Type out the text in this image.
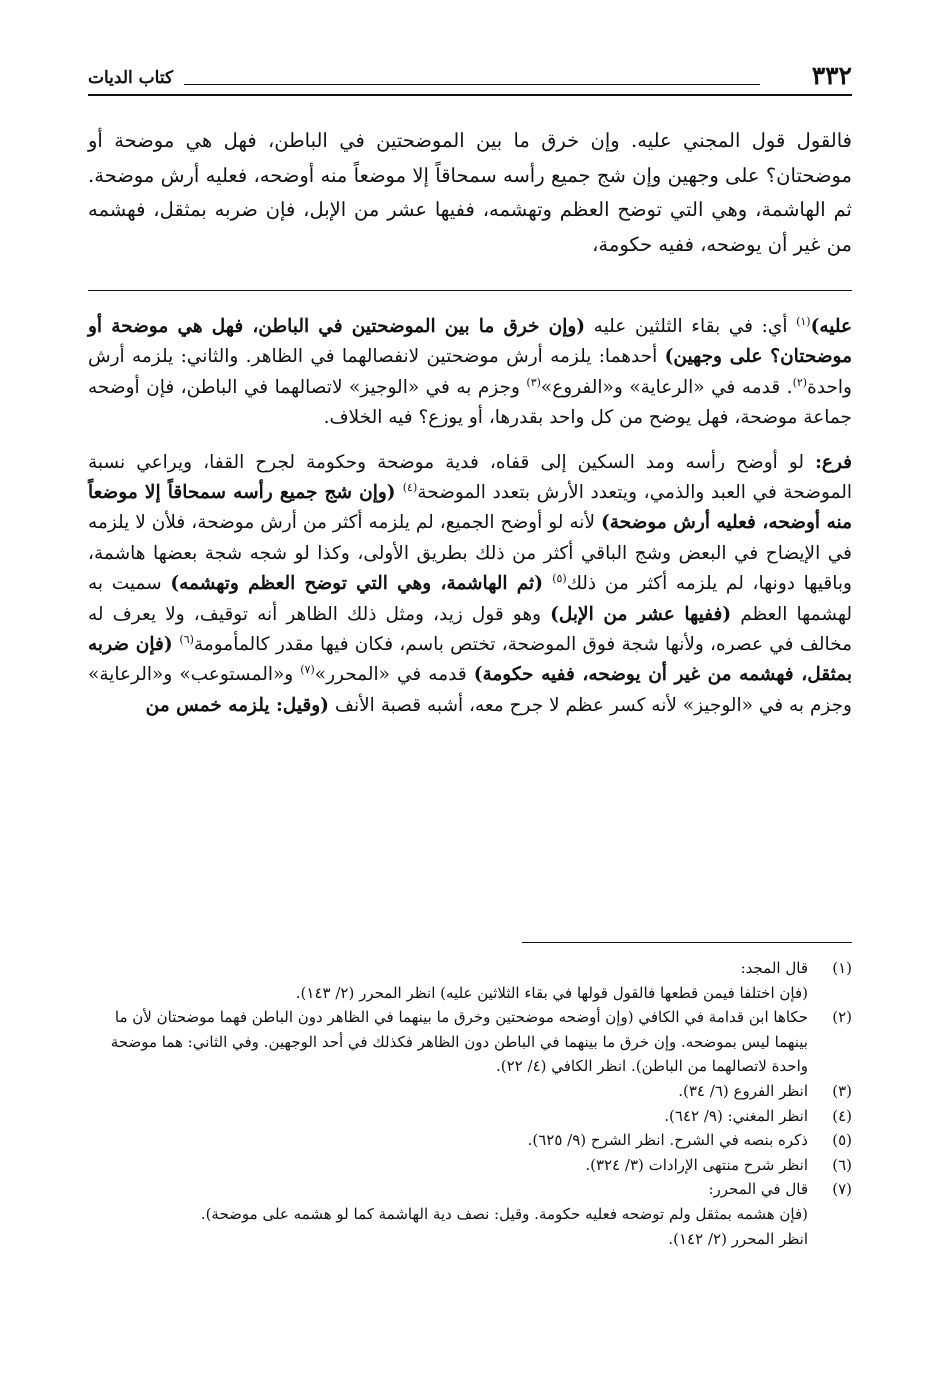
٣٣٢
كتاب الديات
فالقول قول المجني عليه. وإن خرق ما بين الموضحتين في الباطن، فهل هي موضحة أو موضحتان؟ على وجهين وإن شج جميع رأسه سمحاقاً إلا موضعاً منه أوضحه، فعليه أرش موضحة. ثم الهاشمة، وهي التي توضح العظم وتهشمه، ففيها عشر من الإبل، فإن ضربه بمثقل، فهشمه من غير أن يوضحه، ففيه حكومة،

عليه)$^{(١)}$ أي: في بقاء الثلثين عليه (وإن خرق ما بين الموضحتين في الباطن، فهل هي موضحة أو موضحتان؟ على وجهين) أحدهما: يلزمه أرش موضحتين لانفصالهما في الظاهر. والثاني: يلزمه أرش واحدة$^{(٢)}$. قدمه في «الرعاية» و«الفروع»$^{(٣)}$ وجزم به في «الوجيز» لاتصالهما في الباطن، فإن أوضحه جماعة موضحة، فهل يوضح من كل واحد بقدرها، أو يوزع؟ فيه الخلاف.

فرع: لو أوضح رأسه ومد السكين إلى قفاه، فدية موضحة وحكومة لجرح القفا، ويراعي نسبة الموضحة في العبد والذمي، ويتعدد الأرش بتعدد الموضحة$^{(٤)}$ (وإن شج جميع رأسه سمحاقاً إلا موضعاً منه أوضحه، فعليه أرش موضحة) لأنه لو أوضح الجميع، لم يلزمه أكثر من أرش موضحة، فلأن لا يلزمه في الإيضاح في البعض وشج الباقي أكثر من ذلك بطريق الأولى، وكذا لو شجه شجة بعضها هاشمة، وباقيها دونها، لم يلزمه أكثر من ذلك$^{(٥)}$ (ثم الهاشمة، وهي التي توضح العظم وتهشمه) سميت به لهشمها العظم (ففيها عشر من الإبل) وهو قول زيد، ومثل ذلك الظاهر أنه توقيف، ولا يعرف له مخالف في عصره، ولأنها شجة فوق الموضحة، تختص باسم، فكان فيها مقدر كالمأمومة$^{(٦)}$ (فإن ضربه بمثقل، فهشمه من غير أن يوضحه، ففيه حكومة) قدمه في «المحرر»$^{(٧)}$ و«المستوعب» و«الرعاية» وجزم به في «الوجيز» لأنه كسر عظم لا جرح معه، أشبه قصبة الأنف (وقيل: يلزمه خمس من

(١)
قال المجد:
(فإن اختلفا فيمن قطعها فالقول قولها في بقاء الثلاثين عليه) انظر المحرر (٢/ ١٤٣).
(٢)
حكاها ابن قدامة في الكافي (وإن أوضحه موضحتين وخرق ما بينهما في الظاهر دون الباطن فهما موضحتان لأن ما بينهما ليس بموضحه. وإن خرق ما بينهما في الباطن دون الظاهر فكذلك في أحد الوجهين. وفي الثاني: هما موضحة واحدة لاتصالهما من الباطن). انظر الكافي (٤/ ٢٢).
(٣)
انظر الفروع (٦/ ٣٤).
(٤)
انظر المغني: (٩/ ٦٤٢).
(٥)
ذكره بنصه في الشرح. انظر الشرح (٩/ ٦٢٥).
(٦)
انظر شرح منتهى الإرادات (٣/ ٣٢٤).
(٧)
قال في المحرر:
(فإن هشمه بمثقل ولم توضحه فعليه حكومة. وقيل: نصف دية الهاشمة كما لو هشمه على موضحة).
انظر المحرر (٢/ ١٤٢).
